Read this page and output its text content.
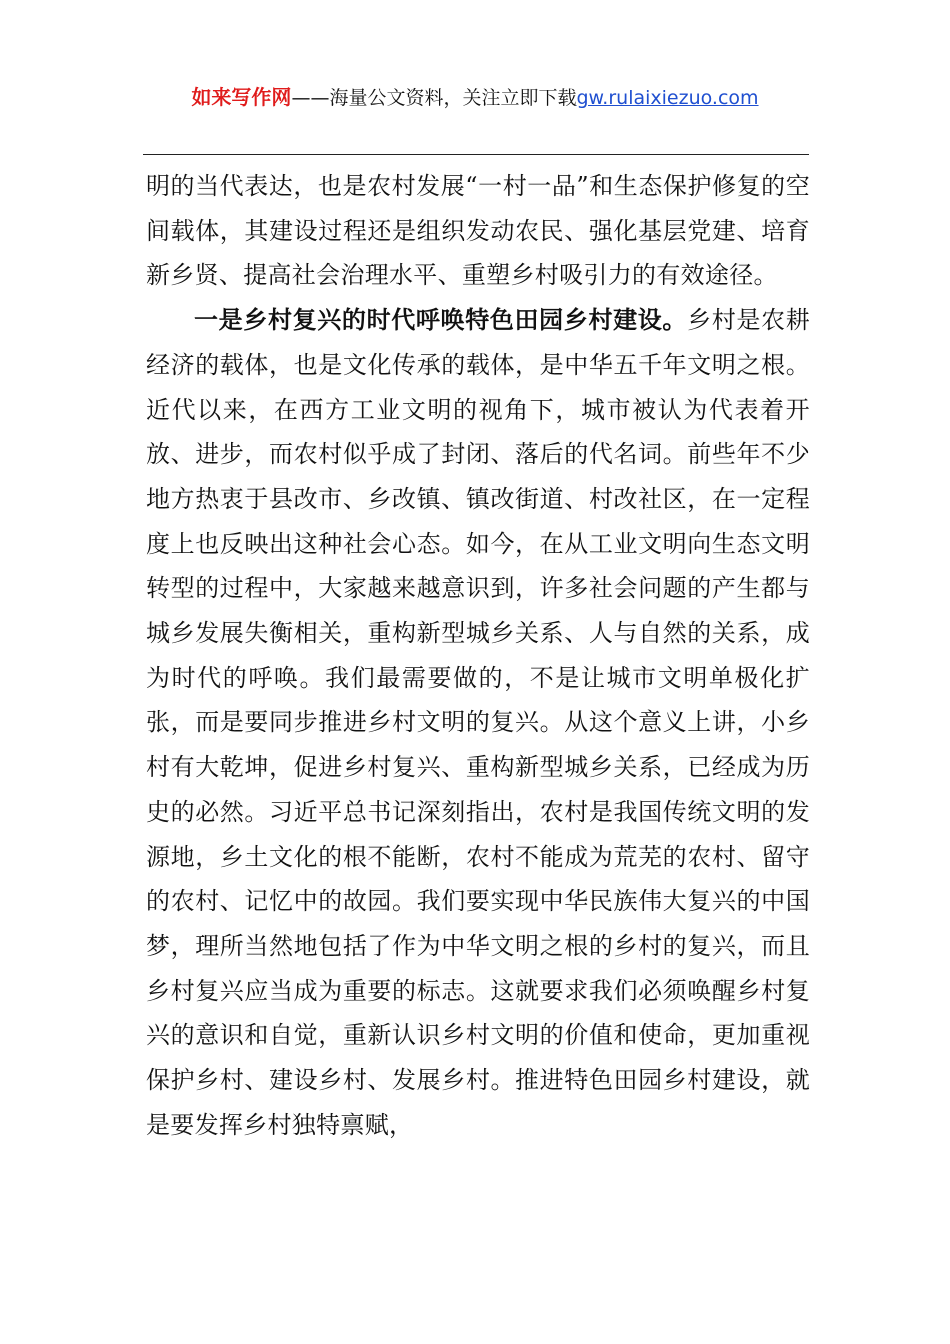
如来写作网——海量公文资料，关注立即下载gw.rulaixiezuo.com

明的当代表达，也是农村发展“一村一品”和生态保护修复的空间载体，其建设过程还是组织发动农民、强化基层党建、培育新乡贤、提高社会治理水平、重塑乡村吸引力的有效途径。

一是乡村复兴的时代呼唤特色田园乡村建设。乡村是农耕经济的载体，也是文化传承的载体，是中华五千年文明之根。近代以来，在西方工业文明的视角下，城市被认为代表着开放、进步，而农村似乎成了封闭、落后的代名词。前些年不少地方热衷于县改市、乡改镇、镇改街道、村改社区，在一定程度上也反映出这种社会心态。如今，在从工业文明向生态文明转型的过程中，大家越来越意识到，许多社会问题的产生都与城乡发展失衡相关，重构新型城乡关系、人与自然的关系，成为时代的呼唤。我们最需要做的，不是让城市文明单极化扩张，而是要同步推进乡村文明的复兴。从这个意义上讲，小乡村有大乾坤，促进乡村复兴、重构新型城乡关系，已经成为历史的必然。习近平总书记深刻指出，农村是我国传统文明的发源地，乡土文化的根不能断，农村不能成为荒芜的农村、留守的农村、记忆中的故园。我们要实现中华民族伟大复兴的中国梦，理所当然地包括了作为中华文明之根的乡村的复兴，而且乡村复兴应当成为重要的标志。这就要求我们必须唤醒乡村复兴的意识和自觉，重新认识乡村文明的价值和使命，更加重视保护乡村、建设乡村、发展乡村。推进特色田园乡村建设，就是要发挥乡村独特禀赋，
